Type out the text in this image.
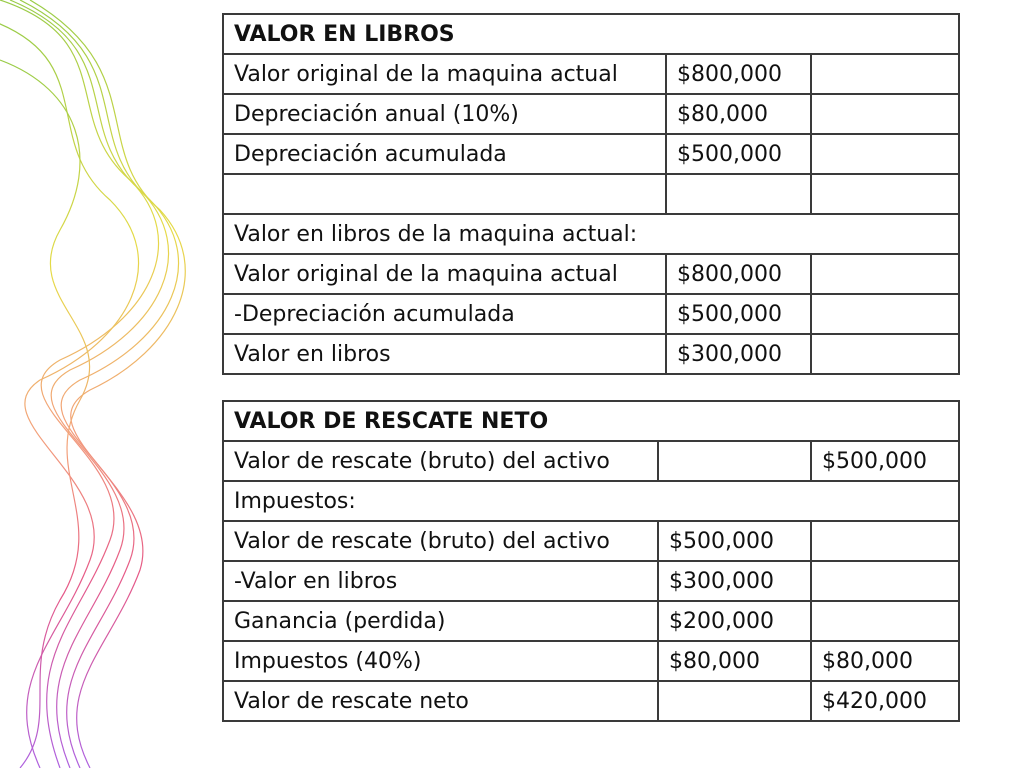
VALOR EN LIBROS		
Valor original de la maquina actual	$800,000	
Depreciación anual (10%)	$80,000	
Depreciación acumulada	$500,000	

Valor en libros de la maquina actual:		
Valor original de la maquina actual	$800,000	
-Depreciación acumulada	$500,000	
Valor en libros	$300,000	
VALOR DE RESCATE NETO		
Valor de rescate (bruto) del activo		$500,000
Impuestos:		
Valor de rescate (bruto) del activo	$500,000	
-Valor en libros	$300,000	
Ganancia (perdida)	$200,000	
Impuestos (40%)	$80,000	$80,000
Valor de rescate neto		$420,000
